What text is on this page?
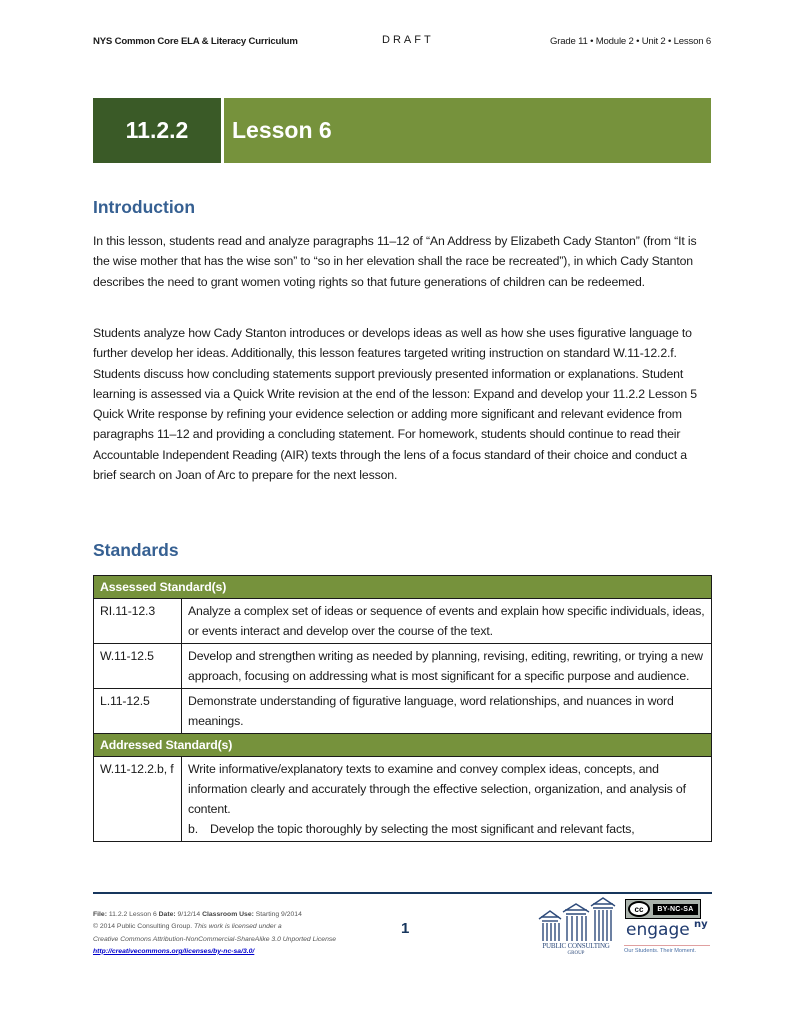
NYS Common Core ELA & Literacy Curriculum	DRAFT	Grade 11 • Module 2 • Unit 2 • Lesson 6
11.2.2	Lesson 6
Introduction

In this lesson, students read and analyze paragraphs 11–12 of “An Address by Elizabeth Cady Stanton” (from “It is the wise mother that has the wise son” to “so in her elevation shall the race be recreated”), in which Cady Stanton describes the need to grant women voting rights so that future generations of children can be redeemed.

Students analyze how Cady Stanton introduces or develops ideas as well as how she uses figurative language to further develop her ideas. Additionally, this lesson features targeted writing instruction on standard W.11-12.2.f. Students discuss how concluding statements support previously presented information or explanations. Student learning is assessed via a Quick Write revision at the end of the lesson: Expand and develop your 11.2.2 Lesson 5 Quick Write response by refining your evidence selection or adding more significant and relevant evidence from paragraphs 11–12 and providing a concluding statement. For homework, students should continue to read their Accountable Independent Reading (AIR) texts through the lens of a focus standard of their choice and conduct a brief search on Joan of Arc to prepare for the next lesson.

Standards
Assessed Standard(s)	
RI.11-12.3	Analyze a complex set of ideas or sequence of events and explain how specific individuals, ideas, or events interact and develop over the course of the text.
W.11-12.5	Develop and strengthen writing as needed by planning, revising, editing, rewriting, or trying a new approach, focusing on addressing what is most significant for a specific purpose and audience.
L.11-12.5	Demonstrate understanding of figurative language, word relationships, and nuances in word meanings.
Addressed Standard(s)	
W.11-12.2.b, f	Write informative/explanatory texts to examine and convey complex ideas, concepts, and information clearly and accurately through the effective selection, organization, and analysis of content.
b. Develop the topic thoroughly by selecting the most significant and relevant facts,
File: 11.2.2 Lesson 6 Date: 9/12/14 Classroom Use: Starting 9/2014
© 2014 Public Consulting Group. This work is licensed under a
Creative Commons Attribution-NonCommercial-ShareAlike 3.0 Unported License
http://creativecommons.org/licenses/by-nc-sa/3.0/
1
PUBLIC CONSULTING
GROUP
cc	BY-NC-SA
engage ny
Our Students. Their Moment.
